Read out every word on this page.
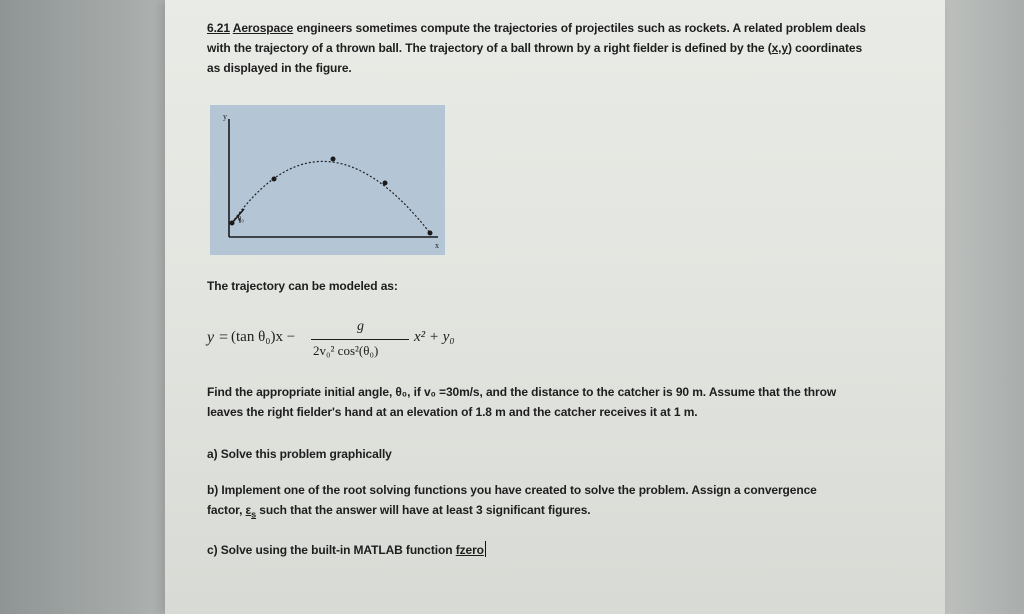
6.21 Aerospace engineers sometimes compute the trajectories of projectiles such as rockets. A related problem deals with the trajectory of a thrown ball. The trajectory of a ball thrown by a right fielder is defined by the (x,y) coordinates as displayed in the figure.

y
x
θ₀

The trajectory can be modeled as:

y = (tan θ₀)x −
g
2v₀² cos²(θ₀)
x² + y₀

Find the appropriate initial angle, θ₀, if v₀ =30m/s, and the distance to the catcher is 90 m. Assume that the throw leaves the right fielder's hand at an elevation of 1.8 m and the catcher receives it at 1 m.

a) Solve this problem graphically

b) Implement one of the root solving functions you have created to solve the problem. Assign a convergence factor, $\varepsilon_s$ such that the answer will have at least 3 significant figures.

c) Solve using the built-in MATLAB function fzero
